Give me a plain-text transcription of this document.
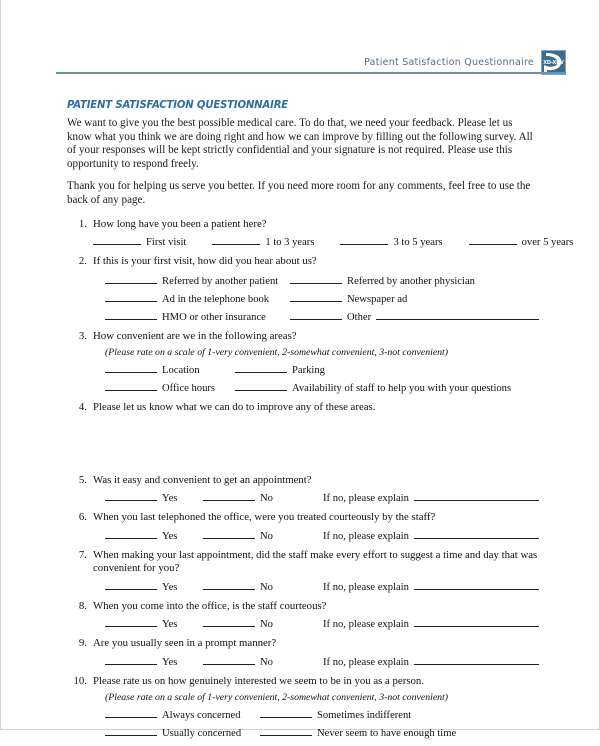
Patient Satisfaction Questionnaire XD-XDV
PATIENT SATISFACTION QUESTIONNAIRE

We want to give you the best possible medical care. To do that, we need your feedback. Please let us know what you think we are doing right and how we can improve by filling out the following survey. All of your responses will be kept strictly confidential and your signature is not required. Please use this opportunity to respond freely.

Thank you for helping us serve you better. If you need more room for any comments, feel free to use the back of any page.

1. How long have you been a patient here?
First visit	1 to 3 years	3 to 5 years	over 5 years
2. If this is your first visit, how did you hear about us?
Referred by another patient	Referred by another physician
Ad in the telephone book	Newspaper ad
HMO or other insurance	Other
3. How convenient are we in the following areas?
(Please rate on a scale of 1-very convenient, 2-somewhat convenient, 3-not convenient)
Location	Parking
Office hours	Availability of staff to help you with your questions
4. Please let us know what we can do to improve any of these areas.
5. Was it easy and convenient to get an appointment?
Yes	No	If no, please explain
6. When you last telephoned the office, were you treated courteously by the staff?
Yes	No	If no, please explain
7. When making your last appointment, did the staff make every effort to suggest a time and day that was convenient for you?
Yes	No	If no, please explain
8. When you come into the office, is the staff courteous?
Yes	No	If no, please explain
9. Are you usually seen in a prompt manner?
Yes	No	If no, please explain
10. Please rate us on how genuinely interested we seem to be in you as a person.
(Please rate on a scale of 1-very convenient, 2-somewhat convenient, 3-not convenient)
Always concerned	Sometimes indifferent
Usually concerned	Never seem to have enough time
